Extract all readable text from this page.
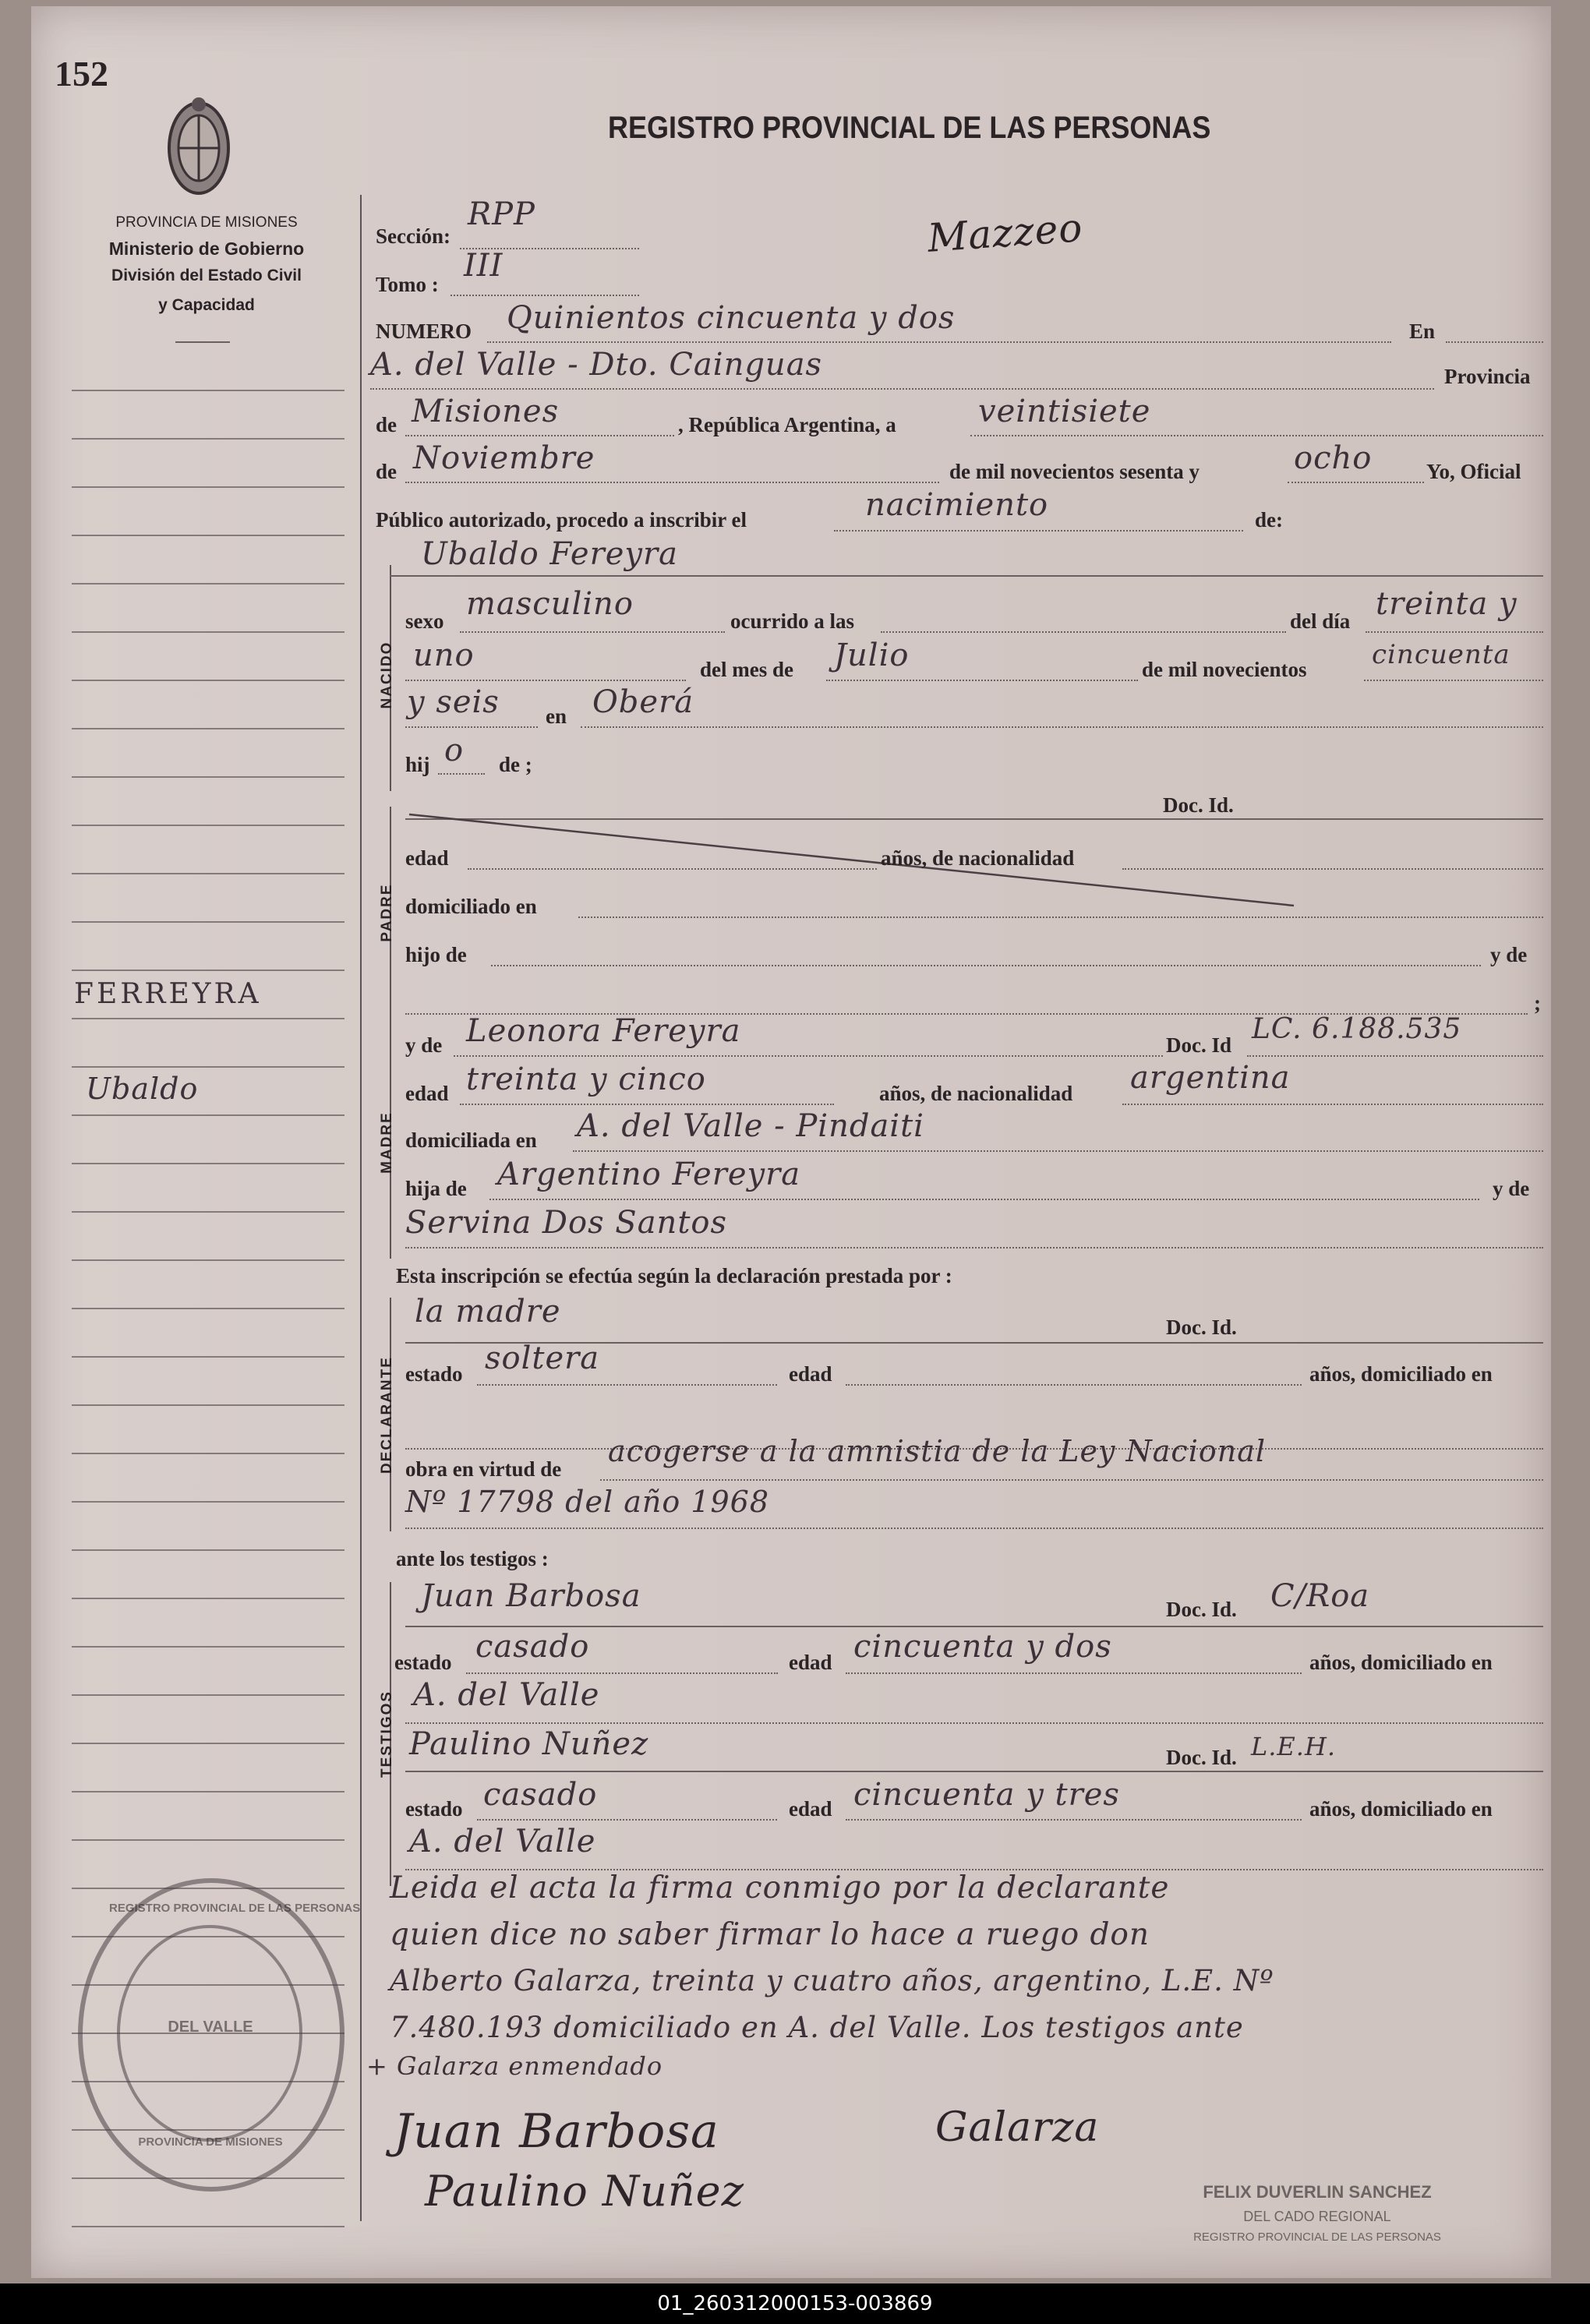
152
PROVINCIA DE MISIONES
Ministerio de Gobierno
División del Estado Civil
y Capacidad
REGISTRO PROVINCIAL DE LAS PERSONAS
Mazzeo
FERREYRA
Ubaldo
Sección:
RPP
Tomo :
III
NUMERO Quinientos cincuenta y dos	En
A. del Valle - Dto. Cainguas	Provincia
de Misiones	, República Argentina, a	veintisiete
de Noviembre	de mil novecientos sesenta y	ocho	Yo, Oficial
Público autorizado, procedo a inscribir el	nacimiento	de:
NACIDO
Ubaldo Fereyra
sexo masculino	ocurrido a las	del día treinta y
uno	del mes de Julio	de mil novecientos cincuenta
y seis en Oberá
hij o de ;
PADRE
Doc. Id.
edad	años, de nacionalidad
domiciliado en
hijo de	y de
;
MADRE
y de Leonora Fereyra	Doc. Id LC. 6.188.535
edad treinta y cinco	años, de nacionalidad argentina
domiciliada en A. del Valle - Pindaiti
hija de Argentino Fereyra	y de
Servina Dos Santos
Esta inscripción se efectúa según la declaración prestada por :
DECLARANTE
la madre	Doc. Id.
estado soltera	edad	años, domiciliado en
obra en virtud de
acogerse a la amnistia de la Ley Nacional
Nº 17798 del año 1968
ante los testigos :
TESTIGOS
Juan Barbosa	Doc. Id. C/Roa
estado casado	edad cincuenta y dos	años, domiciliado en
A. del Valle
Paulino Nuñez	Doc. Id. L.E.H.
estado casado	edad cincuenta y tres	años, domiciliado en
A. del Valle
Leida el acta la firma conmigo por la declarante
quien dice no saber firmar lo hace a ruego don
Alberto Galarza, treinta y cuatro años, argentino, L.E. Nº
7.480.193 domiciliado en A. del Valle. Los testigos ante
+ Galarza enmendado
Juan Barbosa	Galarza
Paulino Nuñez
REGISTRO PROVINCIAL DE LAS PERSONAS
DEL VALLE
PROVINCIA DE MISIONES
FELIX DUVERLIN SANCHEZ
DEL CADO REGIONAL
REGISTRO PROVINCIAL DE LAS PERSONAS
01_260312000153-003869
